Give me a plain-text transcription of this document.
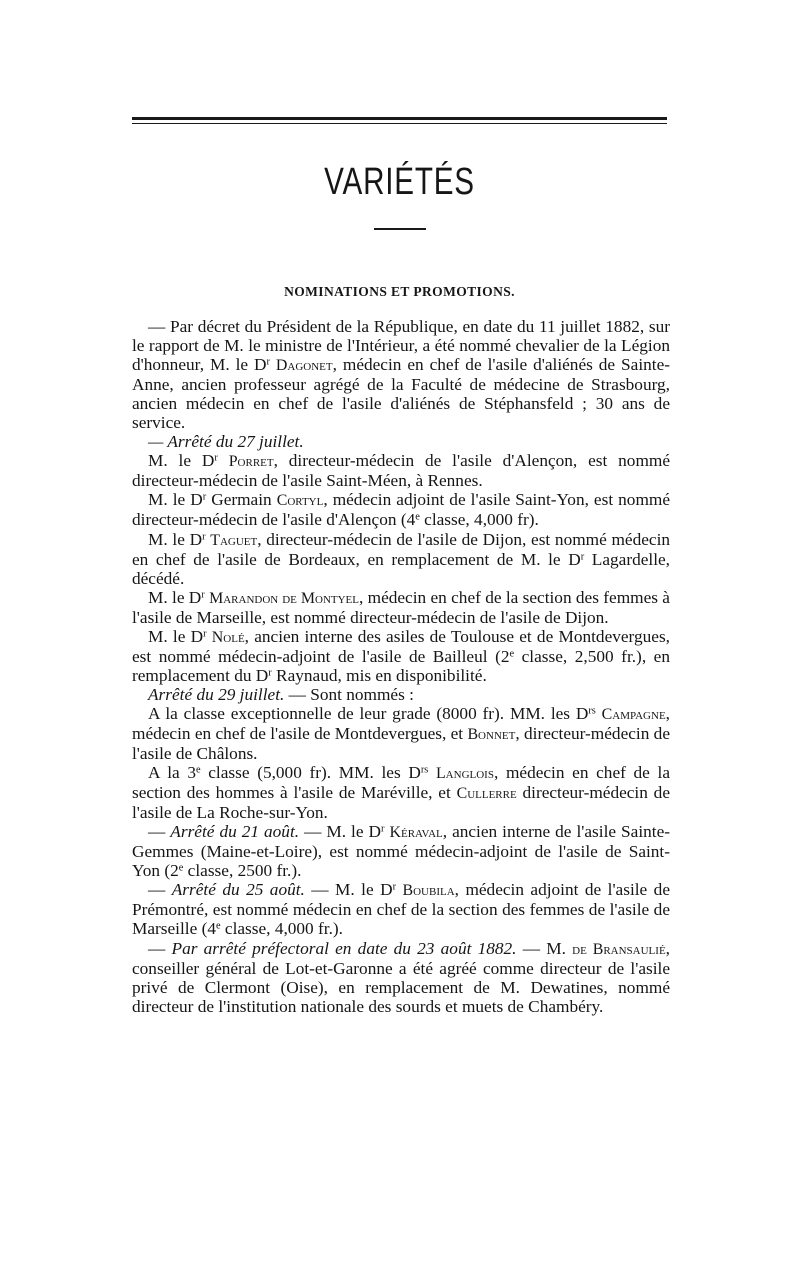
VARIÉTÉS
NOMINATIONS ET PROMOTIONS.

— Par décret du Président de la République, en date du 11 juillet 1882, sur le rapport de M. le ministre de l'Intérieur, a été nommé chevalier de la Légion d'honneur, M. le $D^r$ Dagonet, médecin en chef de l'asile d'aliénés de Sainte-Anne, ancien professeur agrégé de la Faculté de médecine de Strasbourg, ancien médecin en chef de l'asile d'aliénés de Stéphansfeld ; 30 ans de service.

— Arrêté du 27 juillet.

M. le $D^r$ Porret, directeur-médecin de l'asile d'Alençon, est nommé directeur-médecin de l'asile Saint-Méen, à Rennes.

M. le $D^r$ Germain Cortyl, médecin adjoint de l'asile Saint-Yon, est nommé directeur-médecin de l'asile d'Alençon (4e classe, 4,000 fr).

M. le $D^r$ Taguet, directeur-médecin de l'asile de Dijon, est nommé médecin en chef de l'asile de Bordeaux, en remplacement de M. le $D^r$ Lagardelle, décédé.

M. le $D^r$ Marandon de Montyel, médecin en chef de la section des femmes à l'asile de Marseille, est nommé directeur-médecin de l'asile de Dijon.

M. le $D^r$ Nolé, ancien interne des asiles de Toulouse et de Montdevergues, est nommé médecin-adjoint de l'asile de Bailleul (2e classe, 2,500 fr.), en remplacement du $D^r$ Raynaud, mis en disponibilité.

Arrêté du 29 juillet. — Sont nommés :

A la classe exceptionnelle de leur grade (8000 fr). MM. les $D^{rs}$ Campagne, médecin en chef de l'asile de Montdevergues, et Bonnet, directeur-médecin de l'asile de Châlons.

A la 3e classe (5,000 fr). MM. les $D^{rs}$ Langlois, médecin en chef de la section des hommes à l'asile de Maréville, et Cullerre directeur-médecin de l'asile de La Roche-sur-Yon.

— Arrêté du 21 août. — M. le $D^r$ Kéraval, ancien interne de l'asile Sainte-Gemmes (Maine-et-Loire), est nommé médecin-adjoint de l'asile de Saint-Yon (2e classe, 2500 fr.).

— Arrêté du 25 août. — M. le $D^r$ Boubila, médecin adjoint de l'asile de Prémontré, est nommé médecin en chef de la section des femmes de l'asile de Marseille (4e classe, 4,000 fr.).

— Par arrêté préfectoral en date du 23 août 1882. — M. de Bransaulié, conseiller général de Lot-et-Garonne a été agréé comme directeur de l'asile privé de Clermont (Oise), en remplacement de M. Dewatines, nommé directeur de l'institution nationale des sourds et muets de Chambéry.
